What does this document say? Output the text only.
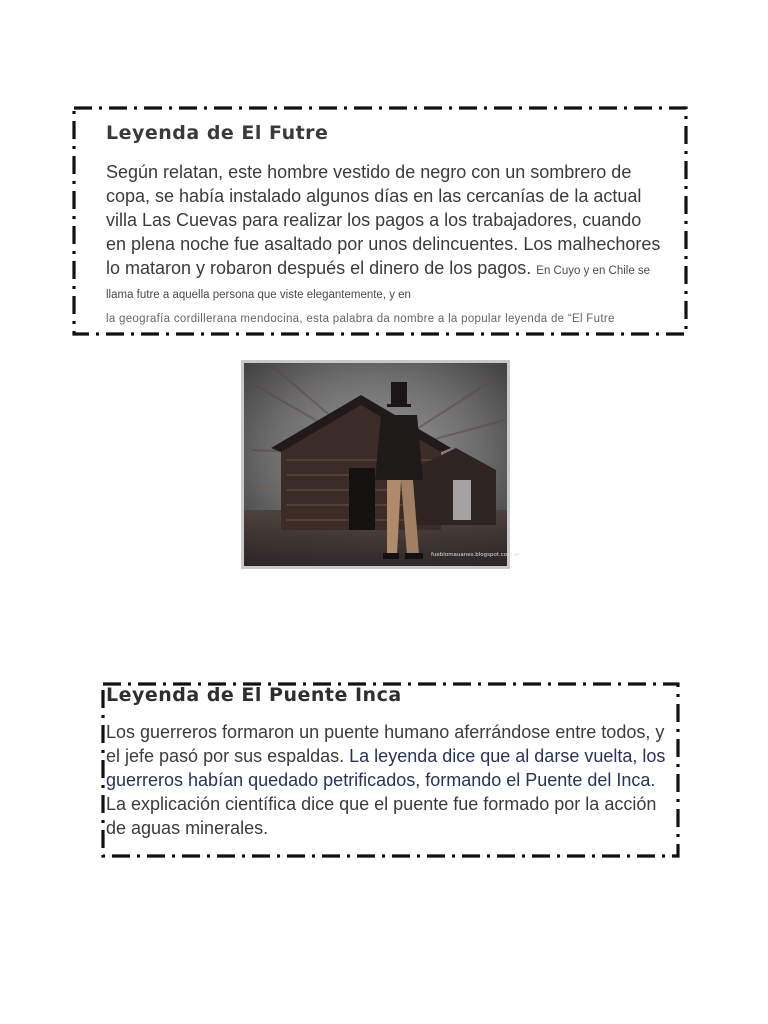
Leyenda de El Futre
Según relatan, este hombre vestido de negro con un sombrero de copa, se había instalado algunos días en las cercanías de la actual villa Las Cuevas para realizar los pagos a los trabajadores, cuando en plena noche fue asaltado por unos delincuentes. Los malhechores lo mataron y robaron después el dinero de los pagos. En Cuyo y en Chile se llama futre a aquella persona que viste elegantemente, y en
la geografía cordillerana mendocina, esta palabra da nombre a la popular leyenda de “El Futre
fueblomauanes.blogspot.com.ar
Leyenda de El Puente Inca
Los guerreros formaron un puente humano aferrándose entre todos, y el jefe pasó por sus espaldas. La leyenda dice que al darse vuelta, los guerreros habían quedado petrificados, formando el Puente del Inca. La explicación científica dice que el puente fue formado por la acción de aguas minerales.
